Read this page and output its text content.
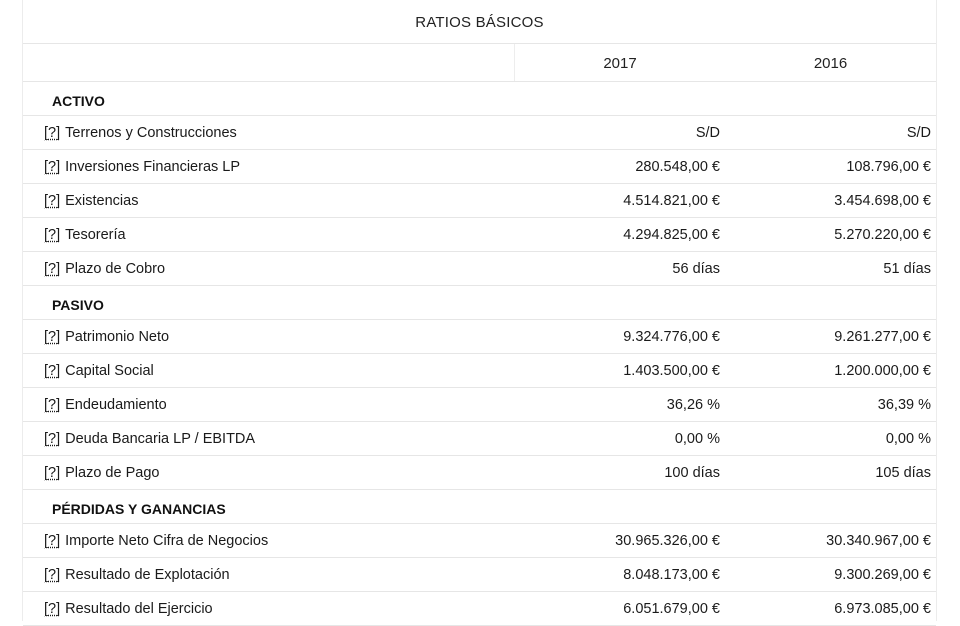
RATIOS BÁSICOS
2017	2016
ACTIVO
[?] Terrenos y Construcciones	S/D	S/D
[?] Inversiones Financieras LP	280.548,00 €	108.796,00 €
[?] Existencias	4.514.821,00 €	3.454.698,00 €
[?] Tesorería	4.294.825,00 €	5.270.220,00 €
[?] Plazo de Cobro	56 días	51 días
PASIVO
[?] Patrimonio Neto	9.324.776,00 €	9.261.277,00 €
[?] Capital Social	1.403.500,00 €	1.200.000,00 €
[?] Endeudamiento	36,26 %	36,39 %
[?] Deuda Bancaria LP / EBITDA	0,00 %	0,00 %
[?] Plazo de Pago	100 días	105 días
PÉRDIDAS Y GANANCIAS
[?] Importe Neto Cifra de Negocios	30.965.326,00 €	30.340.967,00 €
[?] Resultado de Explotación	8.048.173,00 €	9.300.269,00 €
[?] Resultado del Ejercicio	6.051.679,00 €	6.973.085,00 €
